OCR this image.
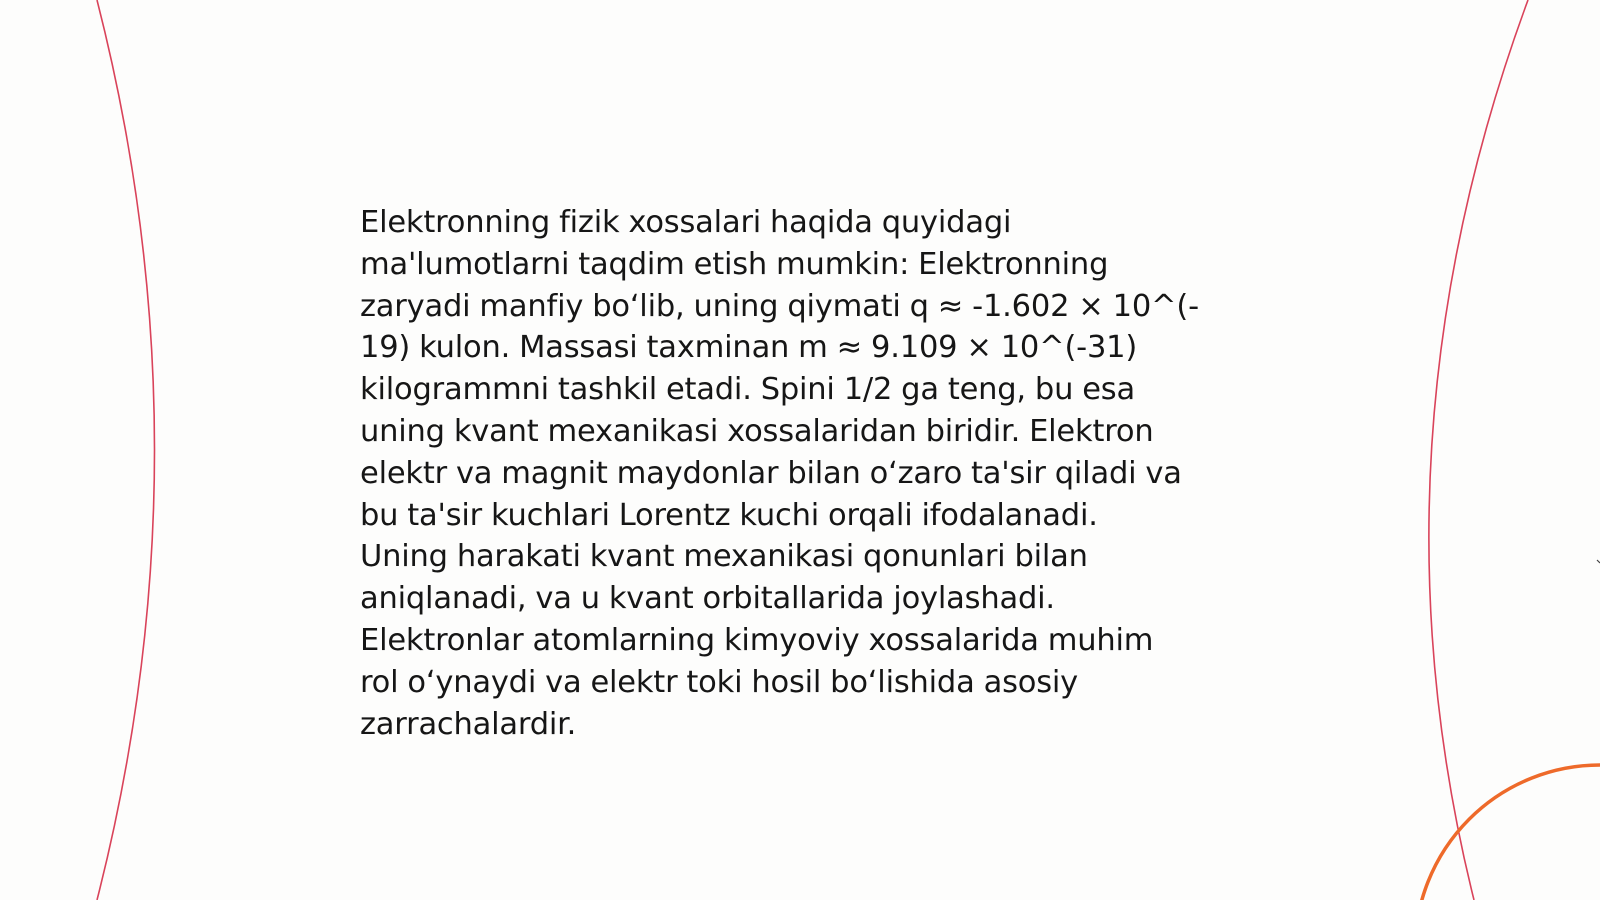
Elektronning fizik xossalari haqida quyidagi
ma'lumotlarni taqdim etish mumkin: Elektronning
zaryadi manfiy bo‘lib, uning qiymati q ≈ -1.602 × 10^(-
19) kulon. Massasi taxminan m ≈ 9.109 × 10^(-31)
kilogrammni tashkil etadi. Spini 1/2 ga teng, bu esa
uning kvant mexanikasi xossalaridan biridir. Elektron
elektr va magnit maydonlar bilan o‘zaro ta'sir qiladi va
bu ta'sir kuchlari Lorentz kuchi orqali ifodalanadi.
Uning harakati kvant mexanikasi qonunlari bilan
aniqlanadi, va u kvant orbitallarida joylashadi.
Elektronlar atomlarning kimyoviy xossalarida muhim
rol o‘ynaydi va elektr toki hosil bo‘lishida asosiy
zarrachalardir.
